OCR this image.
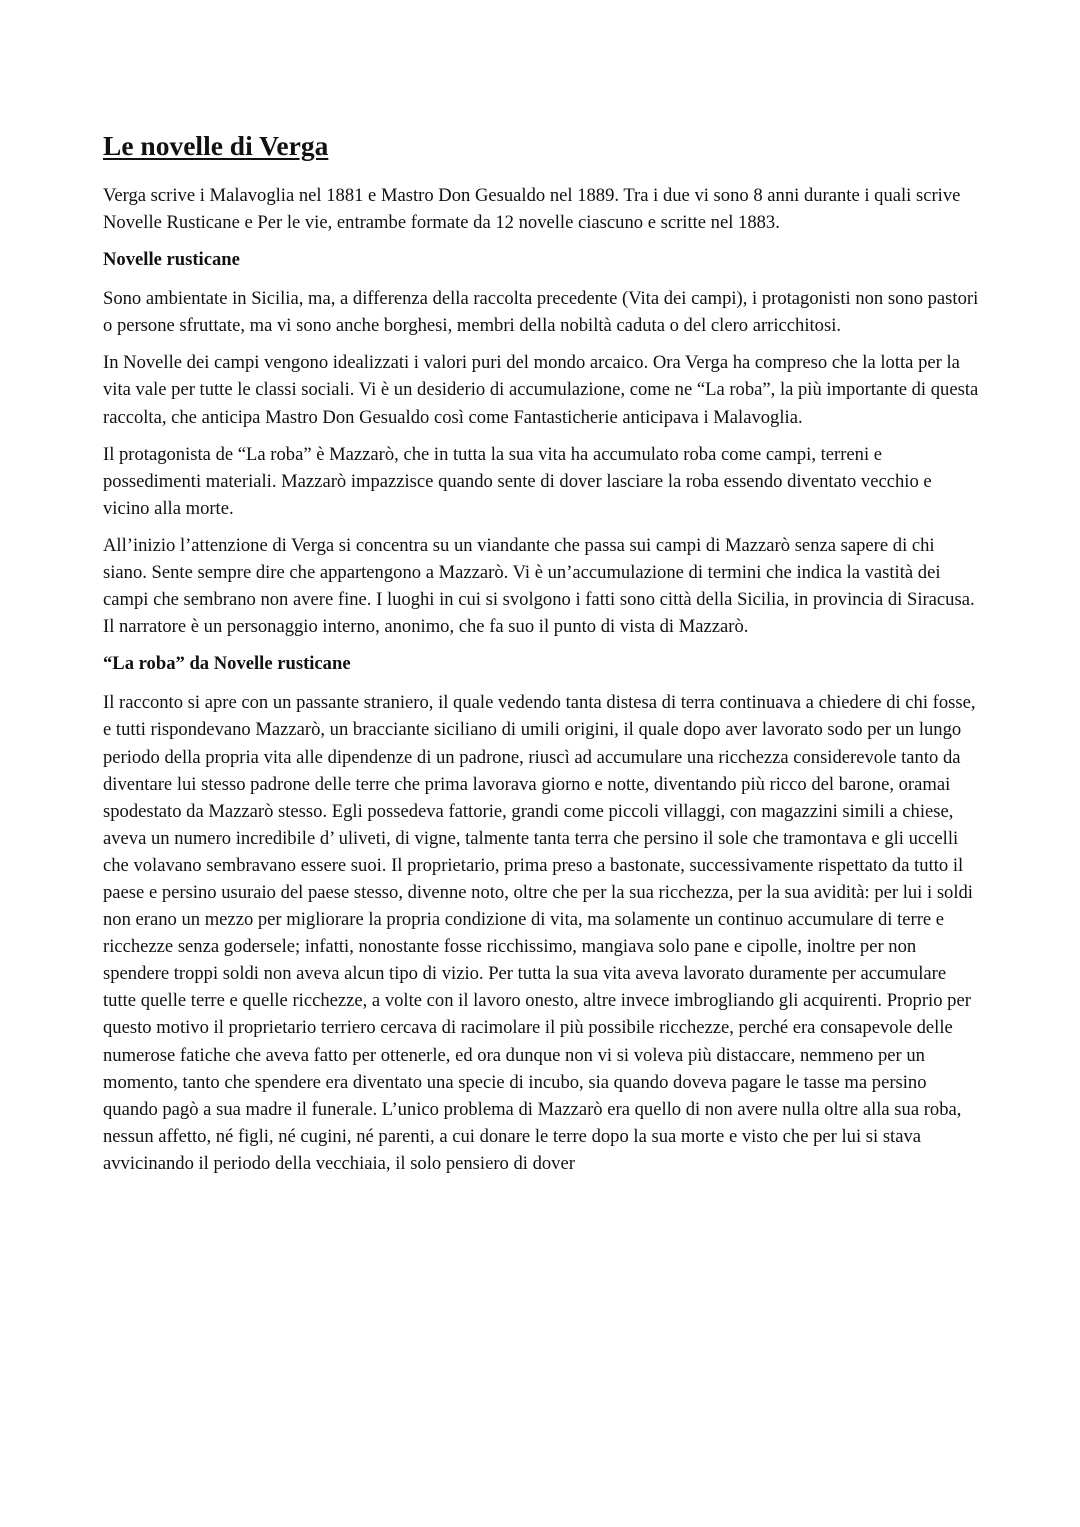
Le novelle di Verga

Verga scrive i Malavoglia nel 1881 e Mastro Don Gesualdo nel 1889. Tra i due vi sono 8 anni durante i quali scrive Novelle Rusticane e Per le vie, entrambe formate da 12 novelle ciascuno e scritte nel 1883.

Novelle rusticane

Sono ambientate in Sicilia, ma, a differenza della raccolta precedente (Vita dei campi), i protagonisti non sono pastori o persone sfruttate, ma vi sono anche borghesi, membri della nobiltà caduta o del clero arricchitosi.

In Novelle dei campi vengono idealizzati i valori puri del mondo arcaico. Ora Verga ha compreso che la lotta per la vita vale per tutte le classi sociali. Vi è un desiderio di accumulazione, come ne “La roba”, la più importante di questa raccolta, che anticipa Mastro Don Gesualdo così come Fantasticherie anticipava i Malavoglia.

Il protagonista de “La roba” è Mazzarò, che in tutta la sua vita ha accumulato roba come campi, terreni e possedimenti materiali. Mazzarò impazzisce quando sente di dover lasciare la roba essendo diventato vecchio e vicino alla morte.

All’inizio l’attenzione di Verga si concentra su un viandante che passa sui campi di Mazzarò senza sapere di chi siano. Sente sempre dire che appartengono a Mazzarò. Vi è un’accumulazione di termini che indica la vastità dei campi che sembrano non avere fine. I luoghi in cui si svolgono i fatti sono città della Sicilia, in provincia di Siracusa. Il narratore è un personaggio interno, anonimo, che fa suo il punto di vista di Mazzarò.

“La roba” da Novelle rusticane

Il racconto si apre con un passante straniero, il quale vedendo tanta distesa di terra continuava a chiedere di chi fosse, e tutti rispondevano Mazzarò, un bracciante siciliano di umili origini, il quale dopo aver lavorato sodo per un lungo periodo della propria vita alle dipendenze di un padrone, riuscì ad accumulare una ricchezza considerevole tanto da diventare lui stesso padrone delle terre che prima lavorava giorno e notte, diventando più ricco del barone, oramai spodestato da Mazzarò stesso. Egli possedeva fattorie, grandi come piccoli villaggi, con magazzini simili a chiese, aveva un numero incredibile d’ uliveti, di vigne, talmente tanta terra che persino il sole che tramontava e gli uccelli che volavano sembravano essere suoi. Il proprietario, prima preso a bastonate, successivamente rispettato da tutto il paese e persino usuraio del paese stesso, divenne noto, oltre che per la sua ricchezza, per la sua avidità: per lui i soldi non erano un mezzo per migliorare la propria condizione di vita, ma solamente un continuo accumulare di terre e ricchezze senza godersele; infatti, nonostante fosse ricchissimo, mangiava solo pane e cipolle, inoltre per non spendere troppi soldi non aveva alcun tipo di vizio. Per tutta la sua vita aveva lavorato duramente per accumulare tutte quelle terre e quelle ricchezze, a volte con il lavoro onesto, altre invece imbrogliando gli acquirenti. Proprio per questo motivo il proprietario terriero cercava di racimolare il più possibile ricchezze, perché era consapevole delle numerose fatiche che aveva fatto per ottenerle, ed ora dunque non vi si voleva più distaccare, nemmeno per un momento, tanto che spendere era diventato una specie di incubo, sia quando doveva pagare le tasse ma persino quando pagò a sua madre il funerale. L’unico problema di Mazzarò era quello di non avere nulla oltre alla sua roba, nessun affetto, né figli, né cugini, né parenti, a cui donare le terre dopo la sua morte e visto che per lui si stava avvicinando il periodo della vecchiaia, il solo pensiero di dover
